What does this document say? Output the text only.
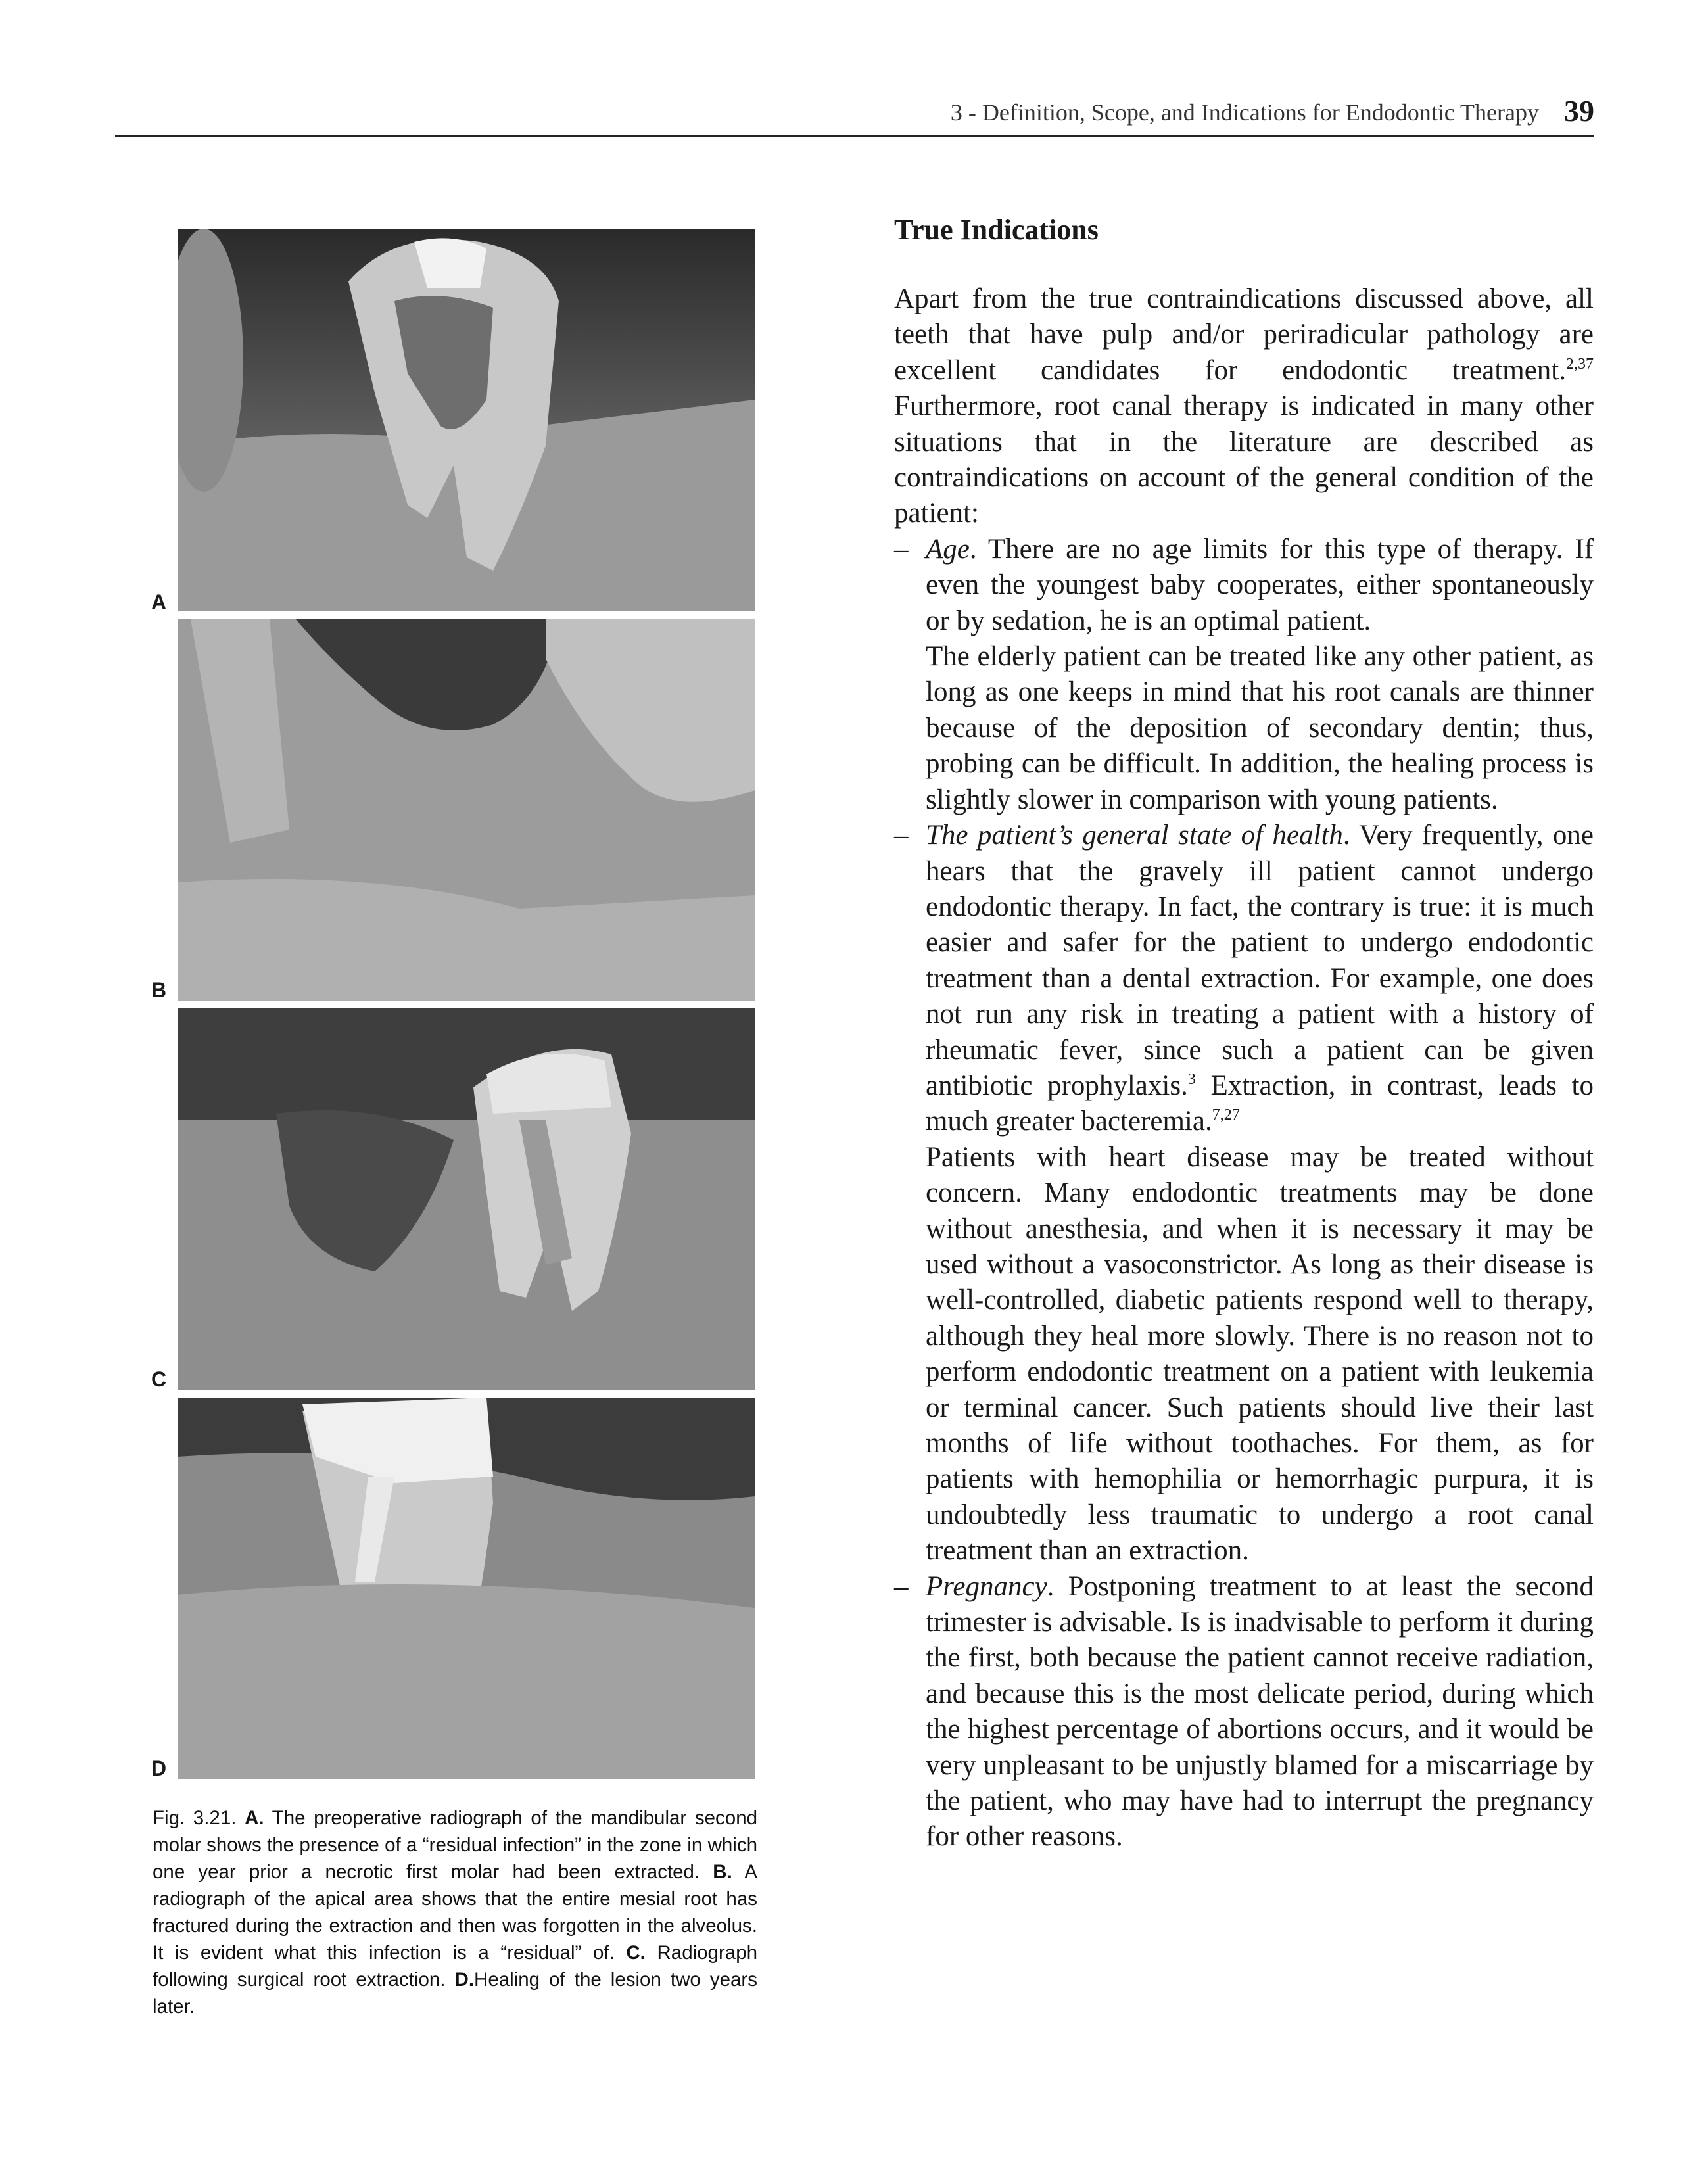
3 - Definition, Scope, and Indications for Endodontic Therapy 39
A
B
C
D
Fig. 3.21. A. The preoperative radiograph of the mandibular second molar shows the presence of a “residual infection” in the zone in which one year prior a necrotic first molar had been extracted. B. A radiograph of the apical area shows that the entire mesial root has fractured during the extraction and then was forgotten in the alveolus. It is evident what this infection is a “residual” of. C. Radiograph following surgical root extraction. D.Healing of the lesion two years later.
True Indications

Apart from the true contraindications discussed above, all teeth that have pulp and/or periradicular pathology are excellent candidates for endodontic treatment.$^{2,37}$ Furthermore, root canal therapy is indicated in many other situations that in the literature are described as contraindications on account of the general condition of the patient:

– Age. There are no age limits for this type of therapy. If even the youngest baby cooperates, either spontaneously or by sedation, he is an optimal patient.
The elderly patient can be treated like any other patient, as long as one keeps in mind that his root canals are thinner because of the deposition of secondary dentin; thus, probing can be difficult. In addition, the healing process is slightly slower in comparison with young patients.
– The patient’s general state of health. Very frequently, one hears that the gravely ill patient cannot undergo endodontic therapy. In fact, the contrary is true: it is much easier and safer for the patient to undergo endodontic treatment than a dental extraction. For example, one does not run any risk in treating a patient with a history of rheumatic fever, since such a patient can be given antibiotic prophylaxis.$^3$ Extraction, in contrast, leads to much greater bacteremia.$^{7,27}$
Patients with heart disease may be treated without concern. Many endodontic treatments may be done without anesthesia, and when it is necessary it may be used without a vasoconstrictor. As long as their disease is well-controlled, diabetic patients respond well to therapy, although they heal more slowly. There is no reason not to perform endodontic treatment on a patient with leukemia or terminal cancer. Such patients should live their last months of life without toothaches. For them, as for patients with hemophilia or hemorrhagic purpura, it is undoubtedly less traumatic to undergo a root canal treatment than an extraction.
– Pregnancy. Postponing treatment to at least the second trimester is advisable. Is is inadvisable to perform it during the first, both because the patient cannot receive radiation, and because this is the most delicate period, during which the highest percentage of abortions occurs, and it would be very unpleasant to be unjustly blamed for a miscarriage by the patient, who may have had to interrupt the pregnancy for other reasons.
